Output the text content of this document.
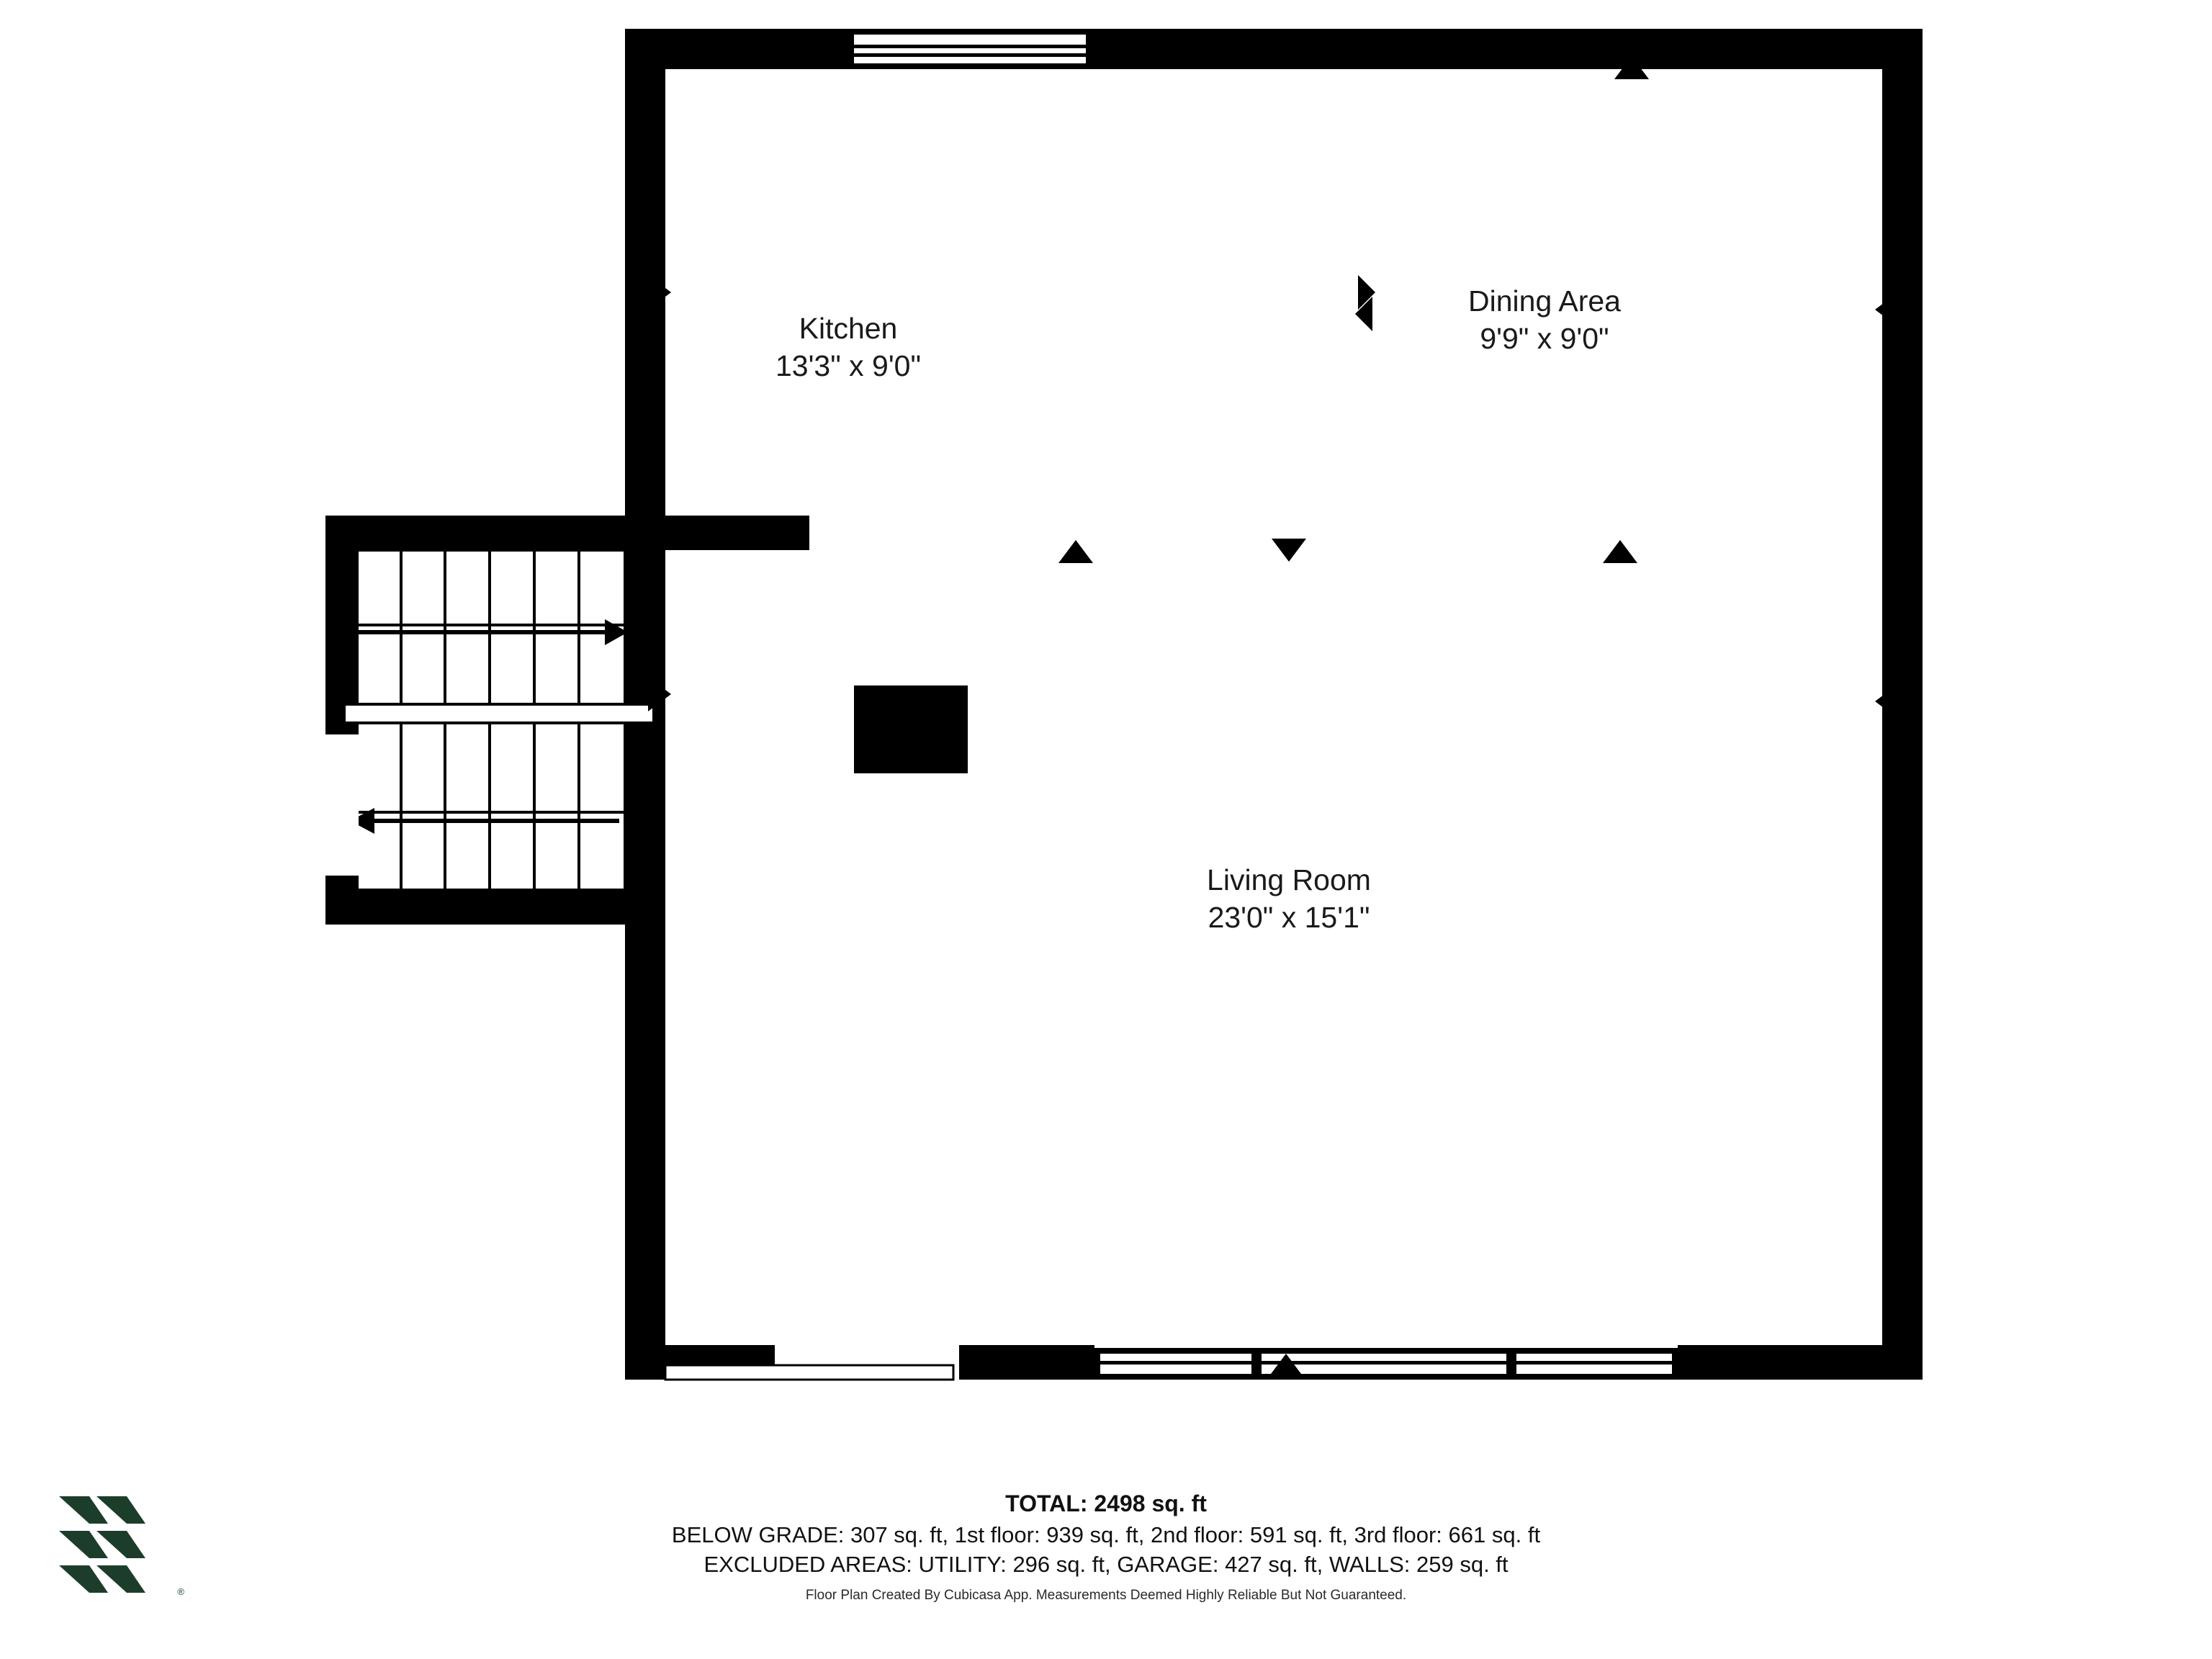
Kitchen
13'3" x 9'0"
Dining Area
9'9" x 9'0"
Living Room
23'0" x 15'1"
®
TOTAL: 2498 sq. ft
BELOW GRADE: 307 sq. ft, 1st floor: 939 sq. ft, 2nd floor: 591 sq. ft, 3rd floor: 661 sq. ft
EXCLUDED AREAS: UTILITY: 296 sq. ft, GARAGE: 427 sq. ft, WALLS: 259 sq. ft
Floor Plan Created By Cubicasa App. Measurements Deemed Highly Reliable But Not Guaranteed.
